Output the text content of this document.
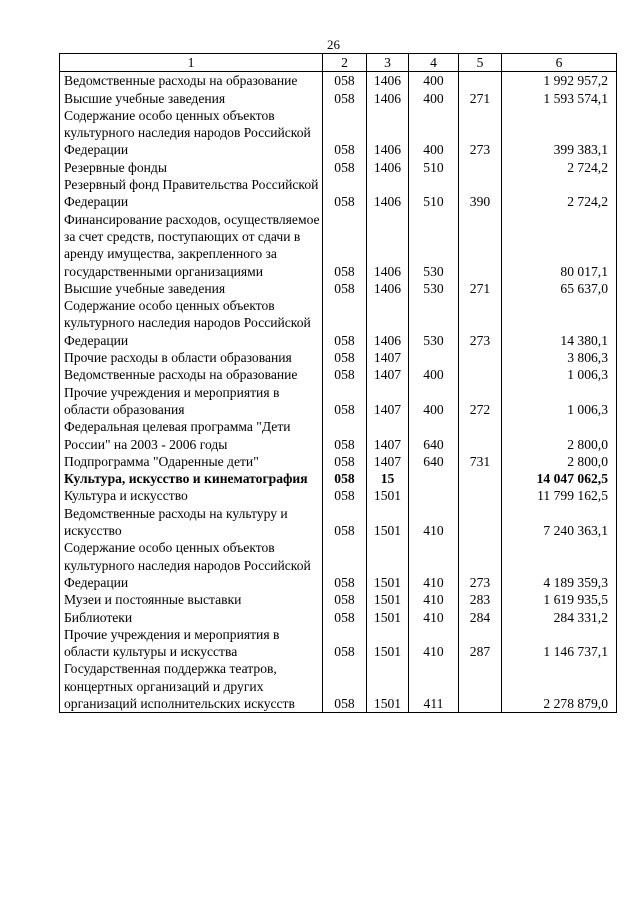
26
1	2	3	4	5	6
Ведомственные расходы на образование	058	1406	400		1 992 957,2
Высшие учебные заведения	058	1406	400	271	1 593 574,1
Содержание особо ценных объектов культурного наследия народов Российской Федерации	058	1406	400	273	399 383,1
Резервные фонды	058	1406	510		2 724,2
Резервный фонд Правительства Российской Федерации	058	1406	510	390	2 724,2
Финансирование расходов, осуществляемое за счет средств, поступающих от сдачи в аренду имущества, закрепленного за государственными организациями	058	1406	530		80 017,1
Высшие учебные заведения	058	1406	530	271	65 637,0
Содержание особо ценных объектов культурного наследия народов Российской Федерации	058	1406	530	273	14 380,1
Прочие расходы в области образования	058	1407			3 806,3
Ведомственные расходы на образование	058	1407	400		1 006,3
Прочие учреждения и мероприятия в области образования	058	1407	400	272	1 006,3
Федеральная целевая программа "Дети России" на 2003 - 2006 годы	058	1407	640		2 800,0
Подпрограмма "Одаренные дети"	058	1407	640	731	2 800,0
Культура, искусство и кинематография	058	15			14 047 062,5
Культура и искусство	058	1501			11 799 162,5
Ведомственные расходы на культуру и искусство	058	1501	410		7 240 363,1
Содержание особо ценных объектов культурного наследия народов Российской Федерации	058	1501	410	273	4 189 359,3
Музеи и постоянные выставки	058	1501	410	283	1 619 935,5
Библиотеки	058	1501	410	284	284 331,2
Прочие учреждения и мероприятия в области культуры и искусства	058	1501	410	287	1 146 737,1
Государственная поддержка театров, концертных организаций и других организаций исполнительских искусств	058	1501	411		2 278 879,0
